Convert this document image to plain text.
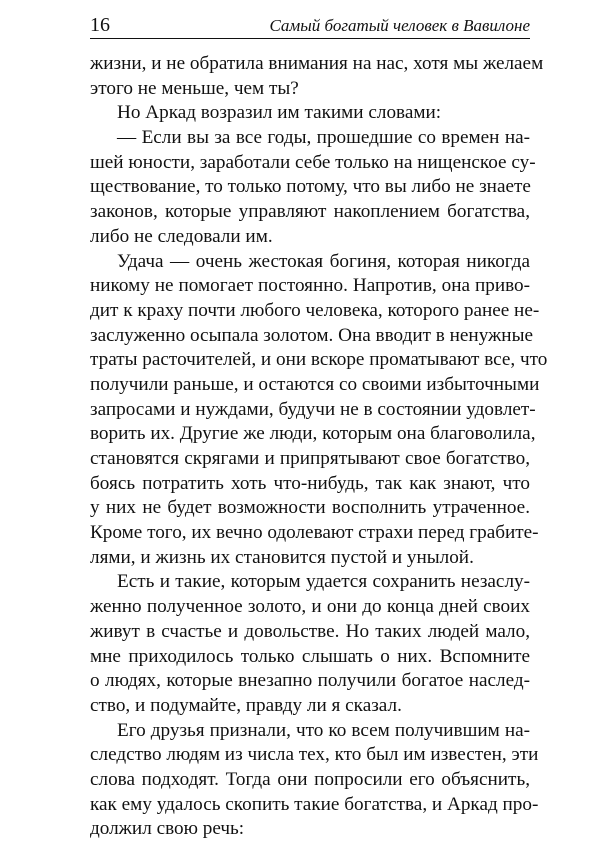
16	Самый богатый человек в Вавилоне
жизни, и не обратила внимания на нас, хотя мы желаем
этого не меньше, чем ты?
Но Аркад возразил им такими словами:
— Если вы за все годы, прошедшие со времен на-
шей юности, заработали себе только на нищенское су-
ществование, то только потому, что вы либо не знаете
законов, которые управляют накоплением богатства,
либо не следовали им.
Удача — очень жестокая богиня, которая никогда
никому не помогает постоянно. Напротив, она приво-
дит к краху почти любого человека, которого ранее не-
заслуженно осыпала золотом. Она вводит в ненужные
траты расточителей, и они вскоре проматывают все, что
получили раньше, и остаются со своими избыточными
запросами и нуждами, будучи не в состоянии удовлет-
ворить их. Другие же люди, которым она благоволила,
становятся скрягами и припрятывают свое богатство,
боясь потратить хоть что-нибудь, так как знают, что
у них не будет возможности восполнить утраченное.
Кроме того, их вечно одолевают страхи перед грабите-
лями, и жизнь их становится пустой и унылой.
Есть и такие, которым удается сохранить незаслу-
женно полученное золото, и они до конца дней своих
живут в счастье и довольстве. Но таких людей мало,
мне приходилось только слышать о них. Вспомните
о людях, которые внезапно получили богатое наслед-
ство, и подумайте, правду ли я сказал.
Его друзья признали, что ко всем получившим на-
следство людям из числа тех, кто был им известен, эти
слова подходят. Тогда они попросили его объяснить,
как ему удалось скопить такие богатства, и Аркад про-
должил свою речь:
